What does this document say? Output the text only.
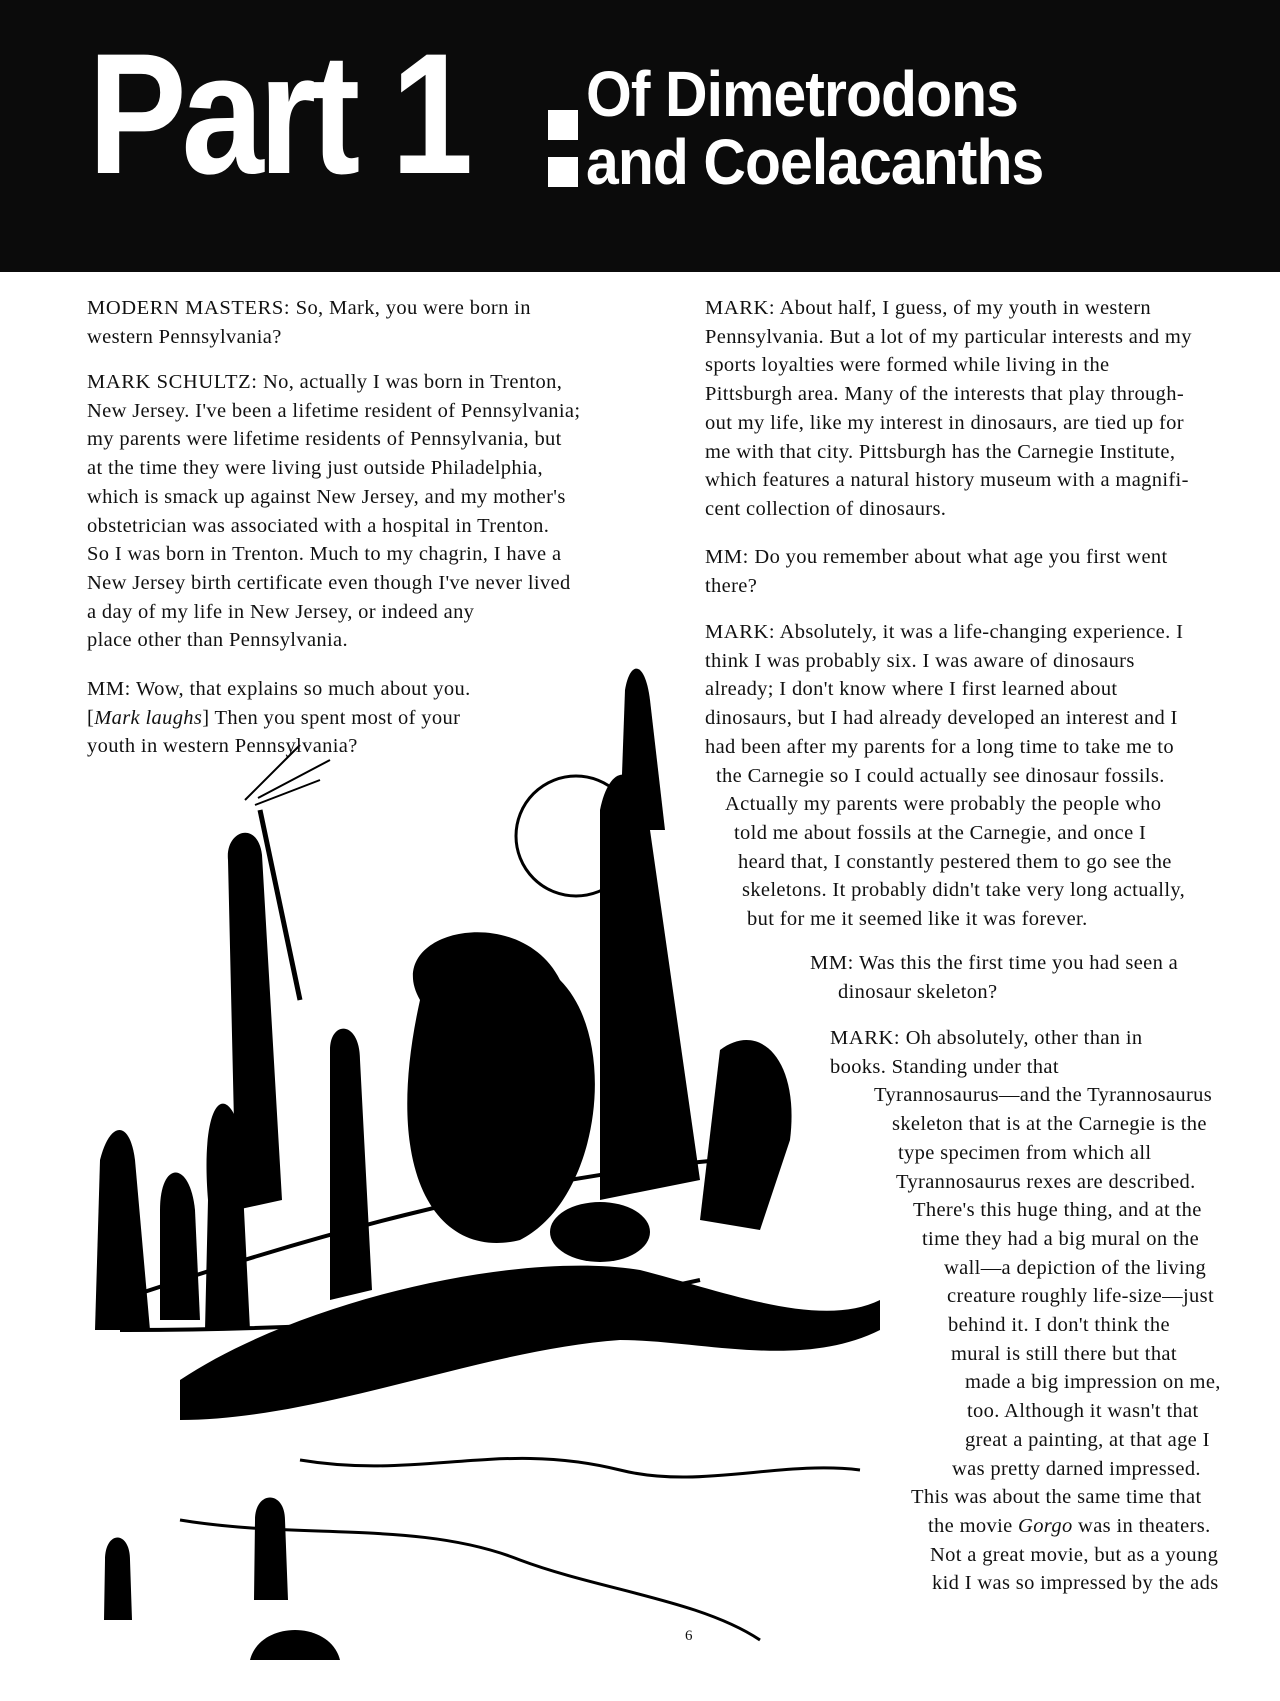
Part 1 Of Dimetrodons
and Coelacanths
MODERN MASTERS: So, Mark, you were born in
western Pennsylvania?
MARK SCHULTZ: No, actually I was born in Trenton,
New Jersey. I've been a lifetime resident of Pennsylvania;
my parents were lifetime residents of Pennsylvania, but
at the time they were living just outside Philadelphia,
which is smack up against New Jersey, and my mother's
obstetrician was associated with a hospital in Trenton.
So I was born in Trenton. Much to my chagrin, I have a
New Jersey birth certificate even though I've never lived
a day of my life in New Jersey, or indeed any
place other than Pennsylvania.
MM: Wow, that explains so much about you.
[Mark laughs] Then you spent most of your
youth in western Pennsylvania?
MARK: About half, I guess, of my youth in western
Pennsylvania. But a lot of my particular interests and my
sports loyalties were formed while living in the
Pittsburgh area. Many of the interests that play through-
out my life, like my interest in dinosaurs, are tied up for
me with that city. Pittsburgh has the Carnegie Institute,
which features a natural history museum with a magnifi-
cent collection of dinosaurs.
MM: Do you remember about what age you first went
there?
MARK: Absolutely, it was a life-changing experience. I
think I was probably six. I was aware of dinosaurs
already; I don't know where I first learned about
dinosaurs, but I had already developed an interest and I
had been after my parents for a long time to take me to
the Carnegie so I could actually see dinosaur fossils.
Actually my parents were probably the people who
told me about fossils at the Carnegie, and once I
heard that, I constantly pestered them to go see the
skeletons. It probably didn't take very long actually,
but for me it seemed like it was forever.
MM: Was this the first time you had seen a
dinosaur skeleton?
MARK: Oh absolutely, other than in
books. Standing under that
Tyrannosaurus—and the Tyrannosaurus
skeleton that is at the Carnegie is the
type specimen from which all
Tyrannosaurus rexes are described.
There's this huge thing, and at the
time they had a big mural on the
wall—a depiction of the living
creature roughly life-size—just
behind it. I don't think the
mural is still there but that
made a big impression on me,
too. Although it wasn't that
great a painting, at that age I
was pretty darned impressed.
This was about the same time that
the movie Gorgo was in theaters.
Not a great movie, but as a young
kid I was so impressed by the ads
6
